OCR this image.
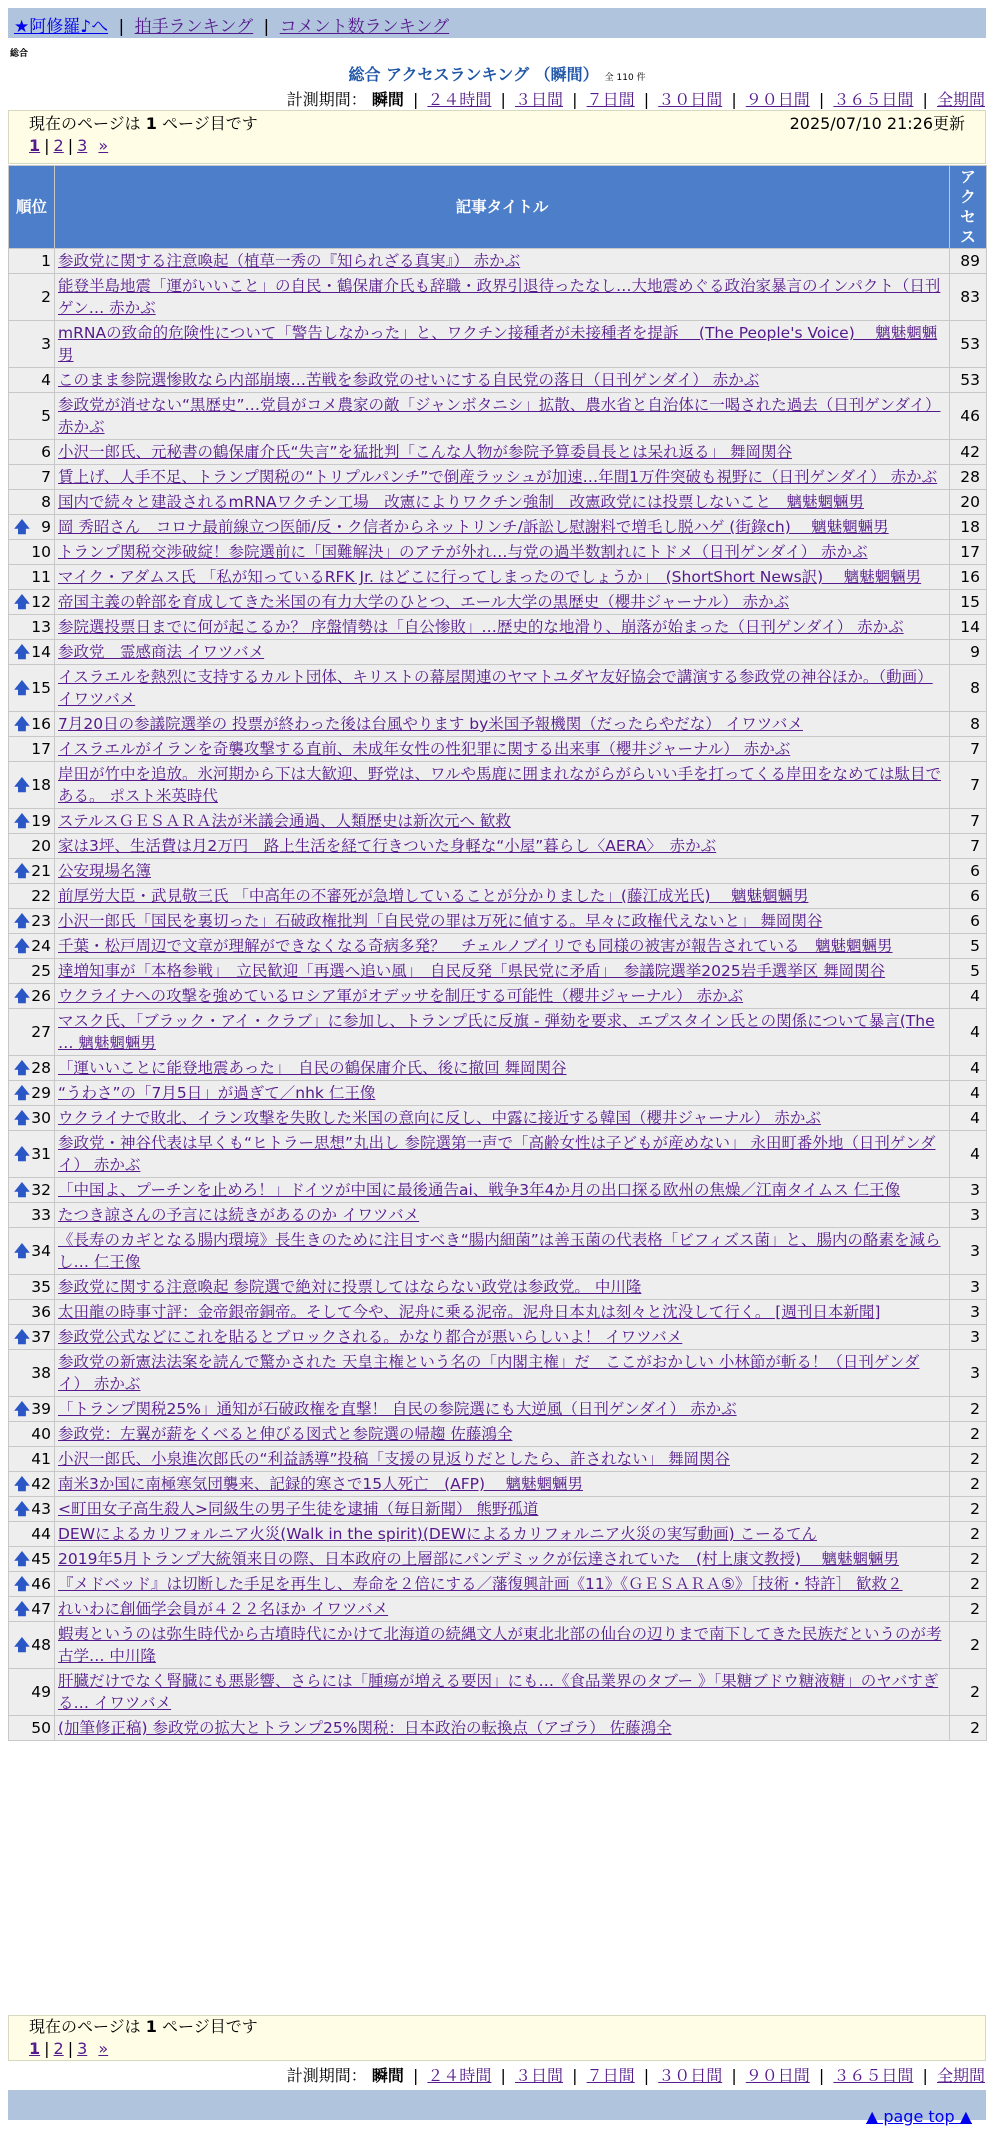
★阿修羅♪へ | 拍手ランキング | コメント数ランキング
総合
総合 アクセスランキング （瞬間） 全 110 件
計測期間： 瞬間 | ２４時間 | ３日間 | ７日間 | ３０日間 | ９０日間 | ３６５日間 | 全期間
現在のページは 1 ページ目です	2025/07/10 21:26更新
1 | 2 | 3 »
順位	記事タイトル	アクセス
1	参政党に関する注意喚起（植草一秀の『知られざる真実』） 赤かぶ	89
2	能登半島地震「運がいいこと」の自民・鶴保庸介氏も辞職・政界引退待ったなし…大地震めぐる政治家暴言のインパクト（日刊ゲン… 赤かぶ	83
3	mRNAの致命的危険性について「警告しなかった」と、ワクチン接種者が未接種者を提訴 　(The People's Voice) 　魑魅魍魎男	53
4	このまま参院選惨敗なら内部崩壊…苦戦を参政党のせいにする自民党の落日（日刊ゲンダイ） 赤かぶ	53
5	参政党が消せない“黒歴史”…党員がコメ農家の敵「ジャンボタニシ」拡散、農水省と自治体に一喝された過去（日刊ゲンダイ） 赤かぶ	46
6	小沢一郎氏、元秘書の鶴保庸介氏“失言”を猛批判「こんな人物が参院予算委員長とは呆れ返る」 舞岡関谷	42
7	賃上げ、人手不足、トランプ関税の“トリプルパンチ”で倒産ラッシュが加速…年間1万件突破も視野に（日刊ゲンダイ） 赤かぶ	28
8	国内で続々と建設されるmRNAワクチン工場　改憲によりワクチン強制　改憲政党には投票しないこと　魑魅魍魎男	20

🡅 9	岡 秀昭さん　コロナ最前線立つ医師/反・ク信者からネットリンチ/訴訟し慰謝料で増毛し脱ハゲ (街錄ch)　 魑魅魍魎男	18
10	トランプ関税交渉破綻！参院選前に「国難解決」のアテが外れ…与党の過半数割れにトドメ（日刊ゲンダイ） 赤かぶ	17
11	マイク・アダムス氏 「私が知っているRFK Jr. はどこに行ってしまったのでしょうか」　(ShortShort News訳) 　魑魅魍魎男	16

🡅 12	帝国主義の幹部を育成してきた米国の有力大学のひとつ、エール大学の黒歴史（櫻井ジャーナル） 赤かぶ	15
13	参院選投票日までに何が起こるか？ 序盤情勢は「自公惨敗」…歴史的な地滑り、崩落が始まった（日刊ゲンダイ） 赤かぶ	14

🡅 14	参政党　霊感商法 イワツバメ	9

🡅 15	イスラエルを熱烈に支持するカルト団体、キリストの幕屋関連のヤマトユダヤ友好協会で講演する参政党の神谷ほか。（動画） イワツバメ	8

🡅 16	7月20日の参議院選挙の 投票が終わった後は台風やります by米国予報機関（だったらやだな） イワツバメ	8
17	イスラエルがイランを奇襲攻撃する直前、未成年女性の性犯罪に関する出来事（櫻井ジャーナル） 赤かぶ	7

🡅 18	岸田が竹中を追放。氷河期から下は大歓迎、野党は、ワルや馬鹿に囲まれながらがらいい手を打ってくる岸田をなめては駄目である。 ポスト米英時代	7

🡅 19	ステルスＧＥＳＡＲＡ法が米議会通過、人類歴史は新次元へ 歓救	7
20	家は3坪、生活費は月2万円　路上生活を経て行きついた身軽な“小屋”暮らし〈AERA〉　赤かぶ	7

🡅 21	公安現場名簿	6
22	前厚労大臣・武見敬三氏 「中高年の不審死が急増していることが分かりました」(藤江成光氏) 　魑魅魍魎男	6

🡅 23	小沢一郎氏「国民を裏切った」石破政権批判「自民党の罪は万死に値する。早々に政権代えないと」 舞岡関谷	6

🡅 24	千葉・松戸周辺で文章が理解ができなくなる奇病多発？　チェルノブイリでも同様の被害が報告されている　魑魅魍魎男	5
25	達増知事が「本格参戦」　立民歓迎「再選へ追い風」　自民反発「県民党に矛盾」　参議院選挙2025岩手選挙区 舞岡関谷	5

🡅 26	ウクライナへの攻撃を強めているロシア軍がオデッサを制圧する可能性（櫻井ジャーナル） 赤かぶ	4
27	マスク氏、「ブラック・アイ・クラブ」に参加し、トランプ氏に反旗 - 弾劾を要求、エプスタイン氏との関係について暴言(The … 魑魅魍魎男	4

🡅 28	「運いいことに能登地震あった」　自民の鶴保庸介氏、後に撤回 舞岡関谷	4

🡅 29	“うわさ”の「7月5日」が過ぎて／nhk 仁王像	4

🡅 30	ウクライナで敗北、イラン攻撃を失敗した米国の意向に反し、中露に接近する韓国（櫻井ジャーナル） 赤かぶ	4

🡅 31	参政党・神谷代表は早くも“ヒトラー思想”丸出し 参院選第一声で「高齢女性は子どもが産めない」 永田町番外地（日刊ゲンダイ） 赤かぶ	4

🡅 32	「中国よ、プーチンを止めろ！」ドイツが中国に最後通告ai、戦争3年4か月の出口探る欧州の焦燥／江南タイムス 仁王像	3
33	たつき諒さんの予言には続きがあるのか イワツバメ	3

🡅 34	《長寿のカギとなる腸内環境》長生きのために注目すべき“腸内細菌”は善玉菌の代表格「ビフィズス菌」と、腸内の酪素を減らし… 仁王像	3
35	参政党に関する注意喚起 参院選で絶対に投票してはならない政党は参政党。 中川隆	3
36	太田龍の時事寸評：金帝銀帝銅帝。そして今や、泥舟に乗る泥帝。泥舟日本丸は刻々と沈没して行く。 [週刊日本新聞]	3

🡅 37	参政党公式などにこれを貼るとブロックされる。かなり都合が悪いらしいよ！ イワツバメ	3
38	参政党の新憲法法案を読んで驚かされた 天皇主権という名の「内閣主権」だ　ここがおかしい 小林節が斬る！（日刊ゲンダイ） 赤かぶ	3

🡅 39	「トランプ関税25%」通知が石破政権を直撃！ 自民の参院選にも大逆風（日刊ゲンダイ） 赤かぶ	2
40	参政党：左翼が薪をくべると伸びる図式と参院選の帰趨 佐藤鴻全	2
41	小沢一郎氏、小泉進次郎氏の“利益誘導”投稿「支援の見返りだとしたら、許されない」 舞岡関谷	2

🡅 42	南米3か国に南極寒気団襲来、記録的寒さで15人死亡　(AFP) 　魑魅魍魎男	2

🡅 43	<町田女子高生殺人>同級生の男子生徒を逮捕（毎日新聞） 熊野孤道	2
44	DEWによるカリフォルニア火災(Walk in the spirit)(DEWによるカリフォルニア火災の実写動画) こーるてん	2

🡅 45	2019年5月トランプ大統領来日の際、日本政府の上層部にパンデミックが伝達されていた　(村上康文教授)　 魑魅魍魎男	2

🡅 46	『メドベッド』は切断した手足を再生し、寿命を２倍にする／藩復興計画《11》《ＧＥＳＡＲＡ⑤》［技術・特許］ 歓救２	2

🡅 47	れいわに創価学会員が４２２名ほか イワツバメ	2

🡅 48	蝦夷というのは弥生時代から古墳時代にかけて北海道の続縄文人が東北北部の仙台の辺りまで南下してきた民族だというのが考古学… 中川隆	2
49	肝臓だけでなく腎臓にも悪影響、さらには「腫瘍が増える要因」にも…《食品業界のタブー 》「果糖ブドウ糖液糖」のヤバすぎる… イワツバメ	2
50	(加筆修正稿) 参政党の拡大とトランプ25%関税：日本政治の転換点（アゴラ） 佐藤鴻全	2
現在のページは 1 ページ目です
1 | 2 | 3 »
計測期間： 瞬間 | ２４時間 | ３日間 | ７日間 | ３０日間 | ９０日間 | ３６５日間 | 全期間
▲ page top ▲
